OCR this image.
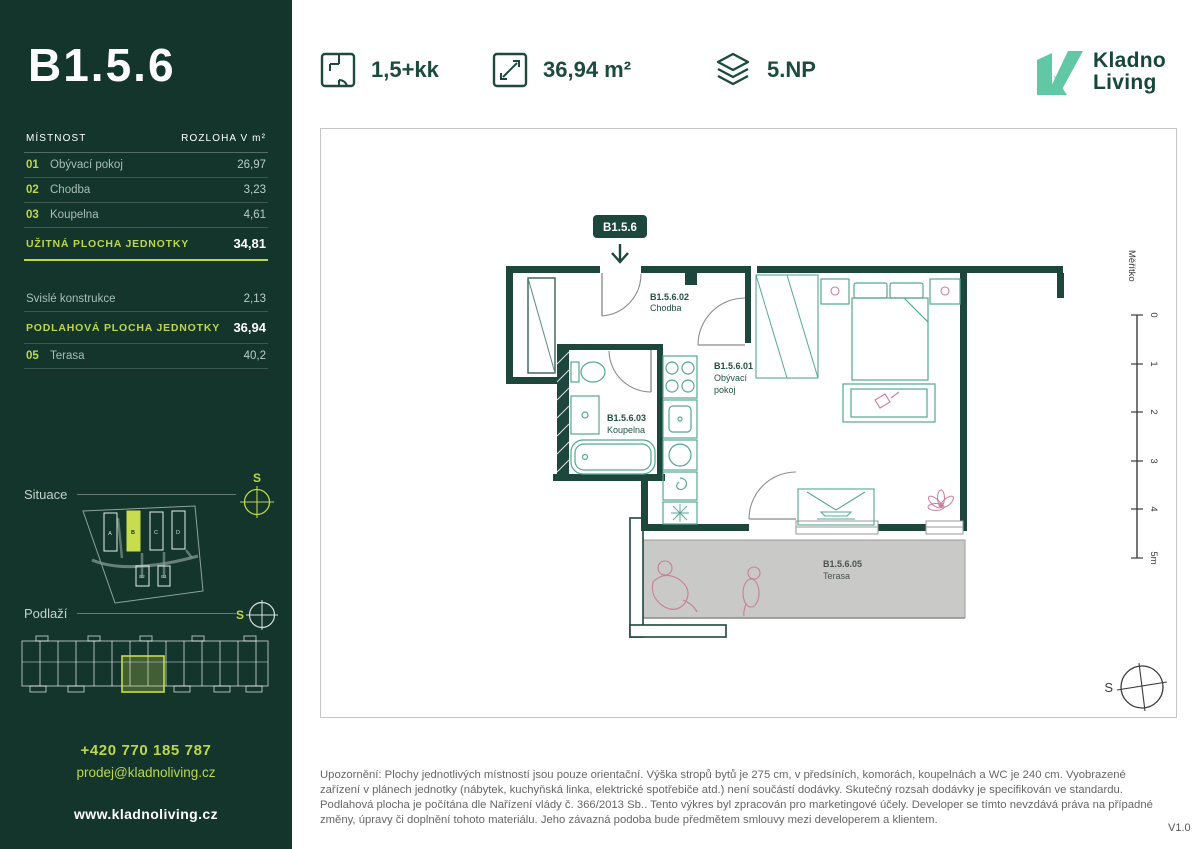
B1.5.6
MÍSTNOST	ROZLOHA V m²
01 Obývací pokoj	26,97
02 Chodba	3,23
03 Koupelna	4,61
UŽITNÁ PLOCHA JEDNOTKY	34,81
Svislé konstrukce	2,13
PODLAHOVÁ PLOCHA JEDNOTKY	36,94
05 Terasa	40,2
Situace
S
A	B	C	D
E2	E1
Podlaží	S
+420 770 185 787
prodej@kladnoliving.cz
www.kladnoliving.cz
1,5+kk	36,94 m²	5.NP	Kladno
Living
B1.5.6.02
Chodba
B1.5.6.01
Obývací
pokoj
B1.5.6.03
Koupelna
B1.5.6.05
Terasa
B1.5.6
Měřítko
0
1
2
3
4
5m
S

Upozornění: Plochy jednotlivých místností jsou pouze orientační. Výška stropů bytů je 275 cm, v předsíních, komorách, koupelnách a WC je 240 cm. Vyobrazené zařízení v plánech jednotky (nábytek, kuchyňská linka, elektrické spotřebiče atd.) není součástí dodávky. Skutečný rozsah dodávky je specifikován ve standardu. Podlahová plocha je počítána dle Nařízení vlády č. 366/2013 Sb.. Tento výkres byl zpracován pro marketingové účely. Developer se tímto nevzdává práva na případné změny, úpravy či doplnění tohoto materiálu. Jeho závazná podoba bude předmětem smlouvy mezi developerem a klientem.

V1.0
